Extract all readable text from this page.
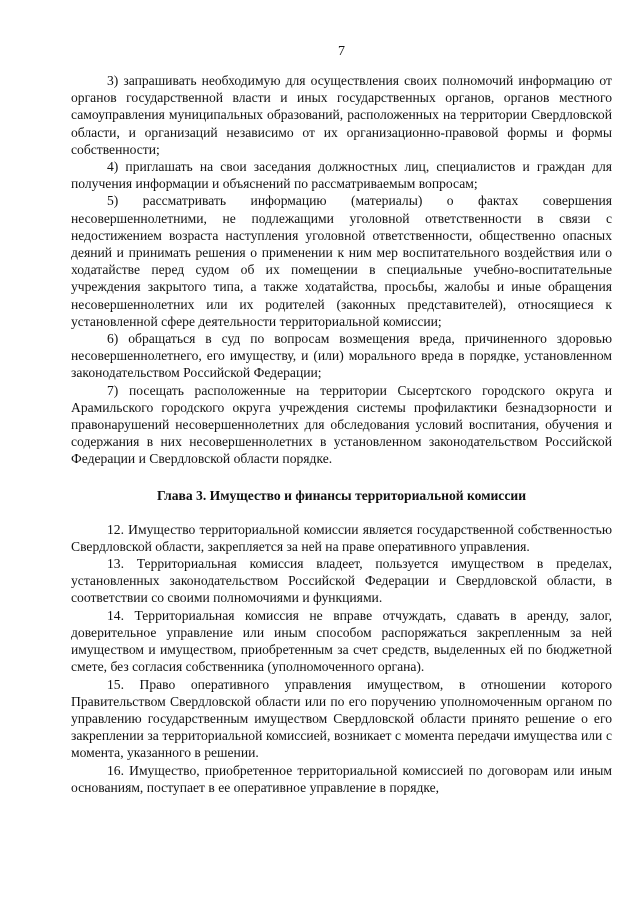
7

3) запрашивать необходимую для осуществления своих полномочий информацию от органов государственной власти и иных государственных органов, органов местного самоуправления муниципальных образований, расположенных на территории Свердловской области, и организаций независимо от их организационно-правовой формы и формы собственности;

4) приглашать на свои заседания должностных лиц, специалистов и граждан для получения информации и объяснений по рассматриваемым вопросам;

5) рассматривать информацию (материалы) о фактах совершения несовершеннолетними, не подлежащими уголовной ответственности в связи с недостижением возраста наступления уголовной ответственности, общественно опасных деяний и принимать решения о применении к ним мер воспитательного воздействия или о ходатайстве перед судом об их помещении в специальные учебно-воспитательные учреждения закрытого типа, а также ходатайства, просьбы, жалобы и иные обращения несовершеннолетних или их родителей (законных представителей), относящиеся к установленной сфере деятельности территориальной комиссии;

6) обращаться в суд по вопросам возмещения вреда, причиненного здоровью несовершеннолетнего, его имуществу, и (или) морального вреда в порядке, установленном законодательством Российской Федерации;

7) посещать расположенные на территории Сысертского городского округа и Арамильского городского округа учреждения системы профилактики безнадзорности и правонарушений несовершеннолетних для обследования условий воспитания, обучения и содержания в них несовершеннолетних в установленном законодательством Российской Федерации и Свердловской области порядке.

Глава 3. Имущество и финансы территориальной комиссии

12. Имущество территориальной комиссии является государственной собственностью Свердловской области, закрепляется за ней на праве оперативного управления.

13. Территориальная комиссия владеет, пользуется имуществом в пределах, установленных законодательством Российской Федерации и Свердловской области, в соответствии со своими полномочиями и функциями.

14. Территориальная комиссия не вправе отчуждать, сдавать в аренду, залог, доверительное управление или иным способом распоряжаться закрепленным за ней имуществом и имуществом, приобретенным за счет средств, выделенных ей по бюджетной смете, без согласия собственника (уполномоченного органа).

15. Право оперативного управления имуществом, в отношении которого Правительством Свердловской области или по его поручению уполномоченным органом по управлению государственным имуществом Свердловской области принято решение о его закреплении за территориальной комиссией, возникает с момента передачи имущества или с момента, указанного в решении.

16. Имущество, приобретенное территориальной комиссией по договорам или иным основаниям, поступает в ее оперативное управление в порядке,
